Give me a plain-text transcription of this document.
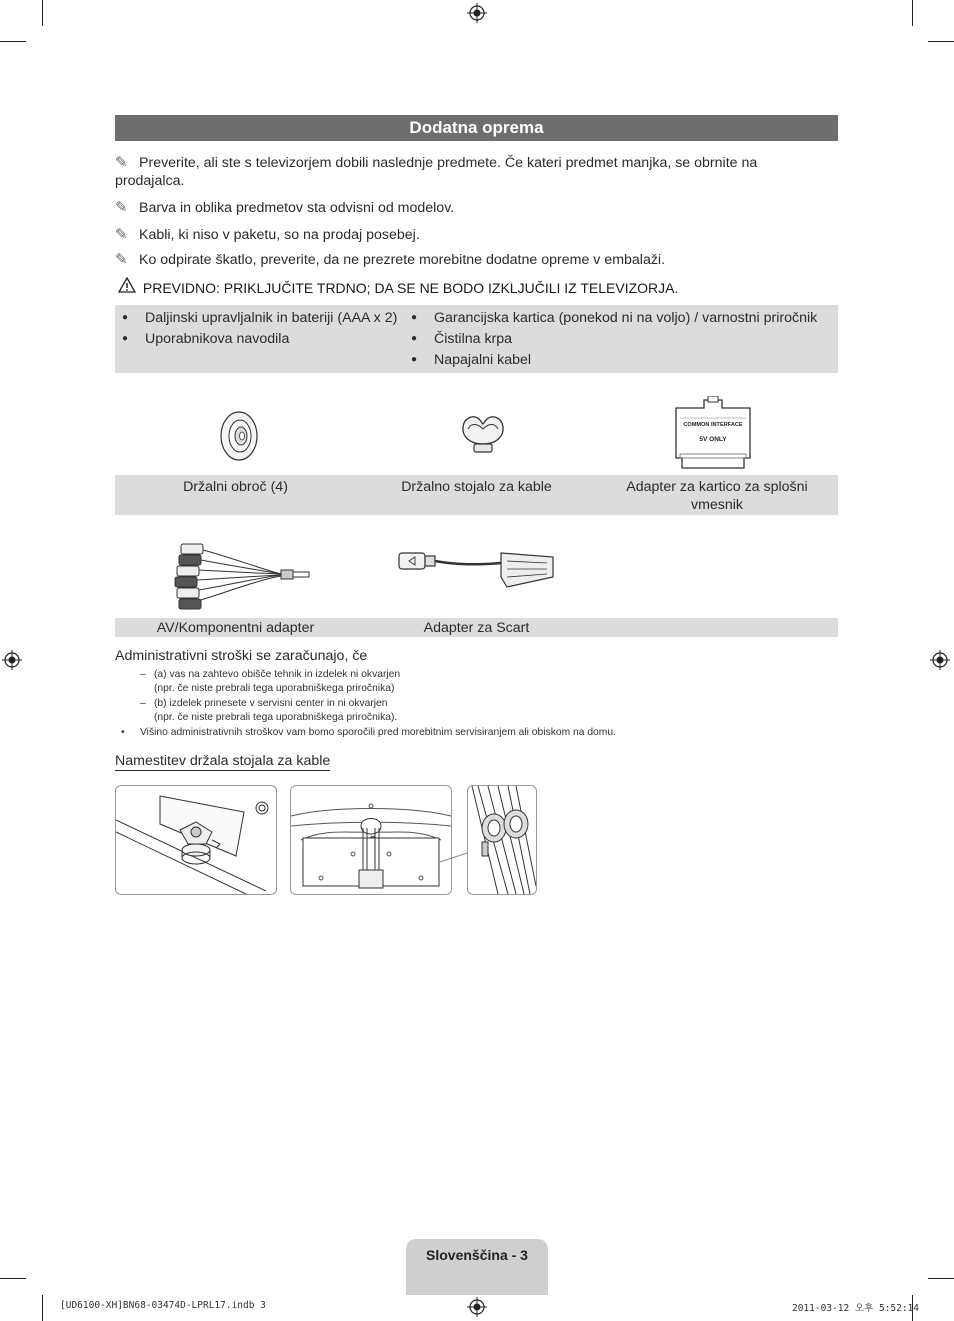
Dodatna oprema
✎ Preverite, ali ste s televizorjem dobili naslednje predmete. Če kateri predmet manjka, se obrnite na prodajalca.
✎ Barva in oblika predmetov sta odvisni od modelov.
✎ Kabli, ki niso v paketu, so na prodaj posebej.
✎ Ko odpirate škatlo, preverite, da ne prezrete morebitne dodatne opreme v embalaži.
PREVIDNO: PRIKLJUČITE TRDNO; DA SE NE BODO IZKLJUČILI IZ TELEVIZORJA.
● Daljinski upravljalnik in bateriji (AAA x 2)
● Uporabnikova navodila
● Garancijska kartica (ponekod ni na voljo) / varnostni priročnik
● Čistilna krpa
● Napajalni kabel
COMMON INTERFACE
5V ONLY
Držalni obroč (4)	Držalno stojalo za kable	Adapter za kartico za splošni vmesnik
AV/Komponentni adapter	Adapter za Scart
Administrativni stroški se zaračunajo, če
– (a) vas na zahtevo obišče tehnik in izdelek ni okvarjen
(npr. če niste prebrali tega uporabniškega priročnika)
– (b) izdelek prinesete v servisni center in ni okvarjen
(npr. če niste prebrali tega uporabniškega priročnika).
• Višino administrativnih stroškov vam bomo sporočili pred morebitnim servisiranjem ali obiskom na domu.
Namestitev držala stojala za kable
Slovenščina - 3
[UD6100-XH]BN68-03474D-LPRL17.indb 3	2011-03-12 오후 5:52:14
